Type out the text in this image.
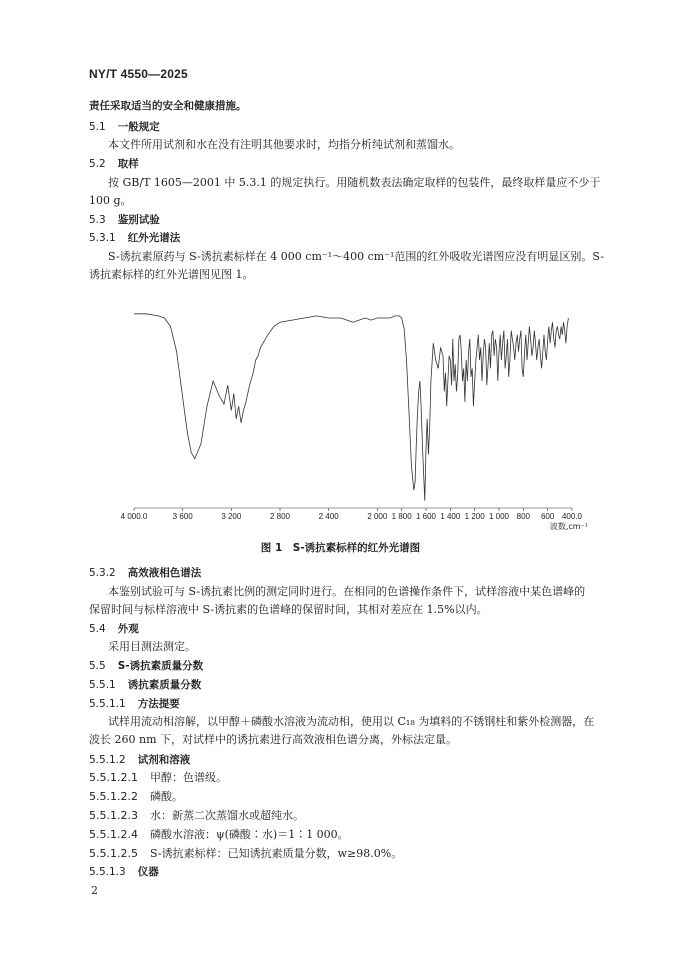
NY/T 4550—2025
责任采取适当的安全和健康措施。
5.1 一般规定
本文件所用试剂和水在没有注明其他要求时，均指分析纯试剂和蒸馏水。
5.2 取样
按 GB/T 1605—2001 中 5.3.1 的规定执行。用随机数表法确定取样的包装件，最终取样量应不少于
100 g。
5.3 鉴别试验
5.3.1 红外光谱法
S-诱抗素原药与 S-诱抗素标样在 4 000 cm⁻¹～400 cm⁻¹范围的红外吸收光谱图应没有明显区别。S-
诱抗素标样的红外光谱图见图 1。
4 000.0	3 600	3 200	2 800	2 400	2 000 1 800 1 600 1 400 1 200 1 000 800 600 400.0
波数,cm⁻¹
图 1　S-诱抗素标样的红外光谱图
5.3.2 高效液相色谱法
本鉴别试验可与 S-诱抗素比例的测定同时进行。在相同的色谱操作条件下，试样溶液中某色谱峰的
保留时间与标样溶液中 S-诱抗素的色谱峰的保留时间，其相对差应在 1.5%以内。
5.4 外观
采用目测法测定。
5.5 S-诱抗素质量分数
5.5.1 诱抗素质量分数
5.5.1.1 方法提要
试样用流动相溶解，以甲醇＋磷酸水溶液为流动相，使用以 C₁₈ 为填料的不锈钢柱和紫外检测器，在
波长 260 nm 下，对试样中的诱抗素进行高效液相色谱分离，外标法定量。
5.5.1.2 试剂和溶液
5.5.1.2.1 甲醇：色谱级。
5.5.1.2.2 磷酸。
5.5.1.2.3 水：新蒸二次蒸馏水或超纯水。
5.5.1.2.4 磷酸水溶液：ψ(磷酸∶水)＝1∶1 000。
5.5.1.2.5 S-诱抗素标样：已知诱抗素质量分数，w≥98.0%。
5.5.1.3 仪器
2
